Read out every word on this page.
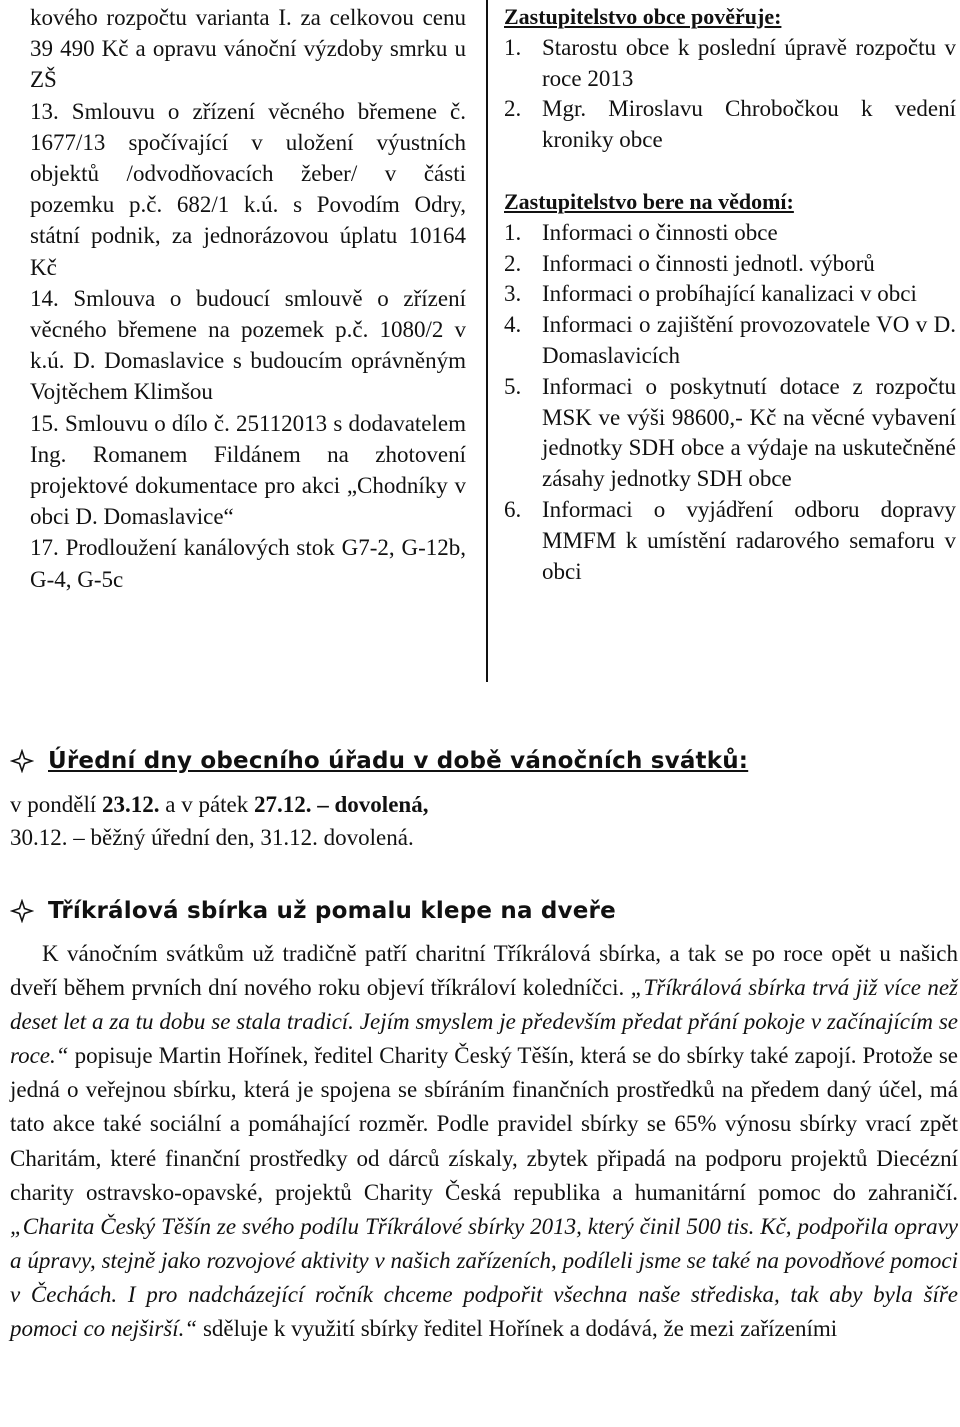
kového rozpočtu varianta I. za celkovou cenu 39 490 Kč a opravu vánoční výzdoby smrku u ZŠ

13. Smlouvu o zřízení věcného břemene č. 1677/13 spočívající v uložení výustních objektů /odvodňovacích žeber/ v části pozemku p.č. 682/1 k.ú. s Povodím Odry, státní podnik, za jednorázovou úplatu 10164 Kč

14. Smlouva o budoucí smlouvě o zřízení věcného břemene na pozemek p.č. 1080/2 v k.ú. D. Domaslavice s budoucím oprávněným Vojtěchem Klimšou

15. Smlouvu o dílo č. 25112013 s dodavatelem Ing. Romanem Fildánem na zhotovení projektové dokumentace pro akci „Chodníky v obci D. Domaslavice“

17. Prodloužení kanálových stok G7-2, G-12b, G-4, G-5c

Zastupitelstvo obce pověřuje:

1. Starostu obce k poslední úpravě rozpočtu v roce 2013
2. Mgr. Miroslavu Chrobočkou k vedení kroniky obce

Zastupitelstvo bere na vědomí:

1. Informaci o činnosti obce
2. Informaci o činnosti jednotl. výborů
3. Informaci o probíhající kanalizaci v obci
4. Informaci o zajištění provozovatele VO v D. Domaslavicích
5. Informaci o poskytnutí dotace z rozpočtu MSK ve výši 98600,- Kč na věcné vybavení jednotky SDH obce a výdaje na uskutečněné zásahy jednotky SDH obce
6. Informaci o vyjádření odboru dopravy MMFM k umístění radarového semaforu v obci
Úřední dny obecního úřadu v době vánočních svátků:

v pondělí 23.12. a v pátek 27.12. – dovolená,

30.12. – běžný úřední den, 31.12. dovolená.

Tříkrálová sbírka už pomalu klepe na dveře

K vánočním svátkům už tradičně patří charitní Tříkrálová sbírka, a tak se po roce opět u našich dveří během prvních dní nového roku objeví tříkráloví koledníčci. „Tříkrálová sbírka trvá již více než deset let a za tu dobu se stala tradicí. Jejím smyslem je především předat přání pokoje v začínajícím se roce.“ popisuje Martin Hořínek, ředitel Charity Český Těšín, která se do sbírky také zapojí. Protože se jedná o veřejnou sbírku, která je spojena se sbíráním finančních prostředků na předem daný účel, má tato akce také sociální a pomáhající rozměr. Podle pravidel sbírky se 65% výnosu sbírky vrací zpět Charitám, které finanční prostředky od dárců získaly, zbytek připadá na podporu projektů Diecézní charity ostravsko-opavské, projektů Charity Česká republika a humanitární pomoc do zahraničí. „Charita Český Těšín ze svého podílu Tříkrálové sbírky 2013, který činil 500 tis. Kč, podpořila opravy a úpravy, stejně jako rozvojové aktivity v našich zařízeních, podíleli jsme se také na povodňové pomoci v Čechách. I pro nadcházející ročník chceme podpořit všechna naše střediska, tak aby byla šíře pomoci co nejširší.“ sděluje k využití sbírky ředitel Hořínek a dodává, že mezi zařízeními
